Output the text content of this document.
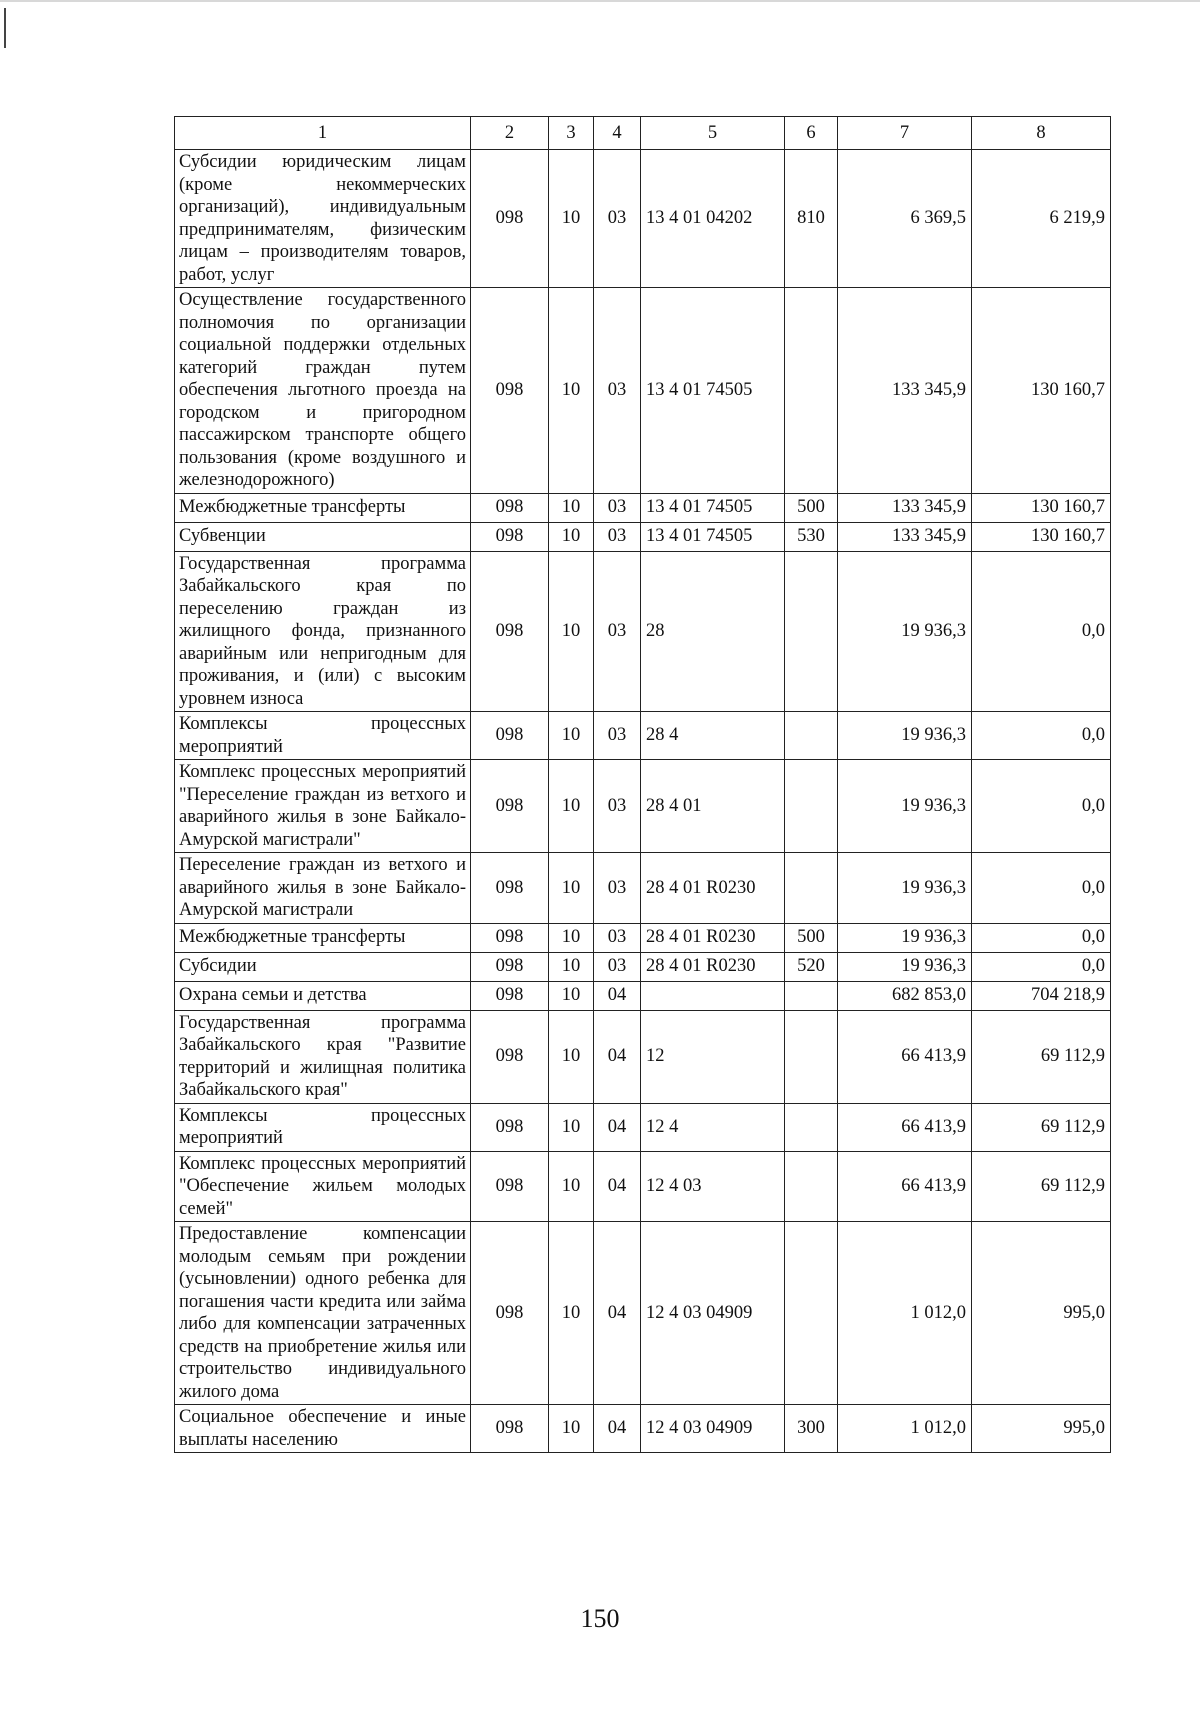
1	2	3	4	5	6	7	8
Субсидии юридическим лицам (кроме некоммерческих организаций), индивидуальным предпринимателям, физическим лицам – производителям товаров, работ, услуг	098	10	03	13 4 01 04202	810	6 369,5	6 219,9
Осуществление государственного полномочия по организации социальной поддержки отдельных категорий граждан путем обеспечения льготного проезда на городском и пригородном пассажирском транспорте общего пользования (кроме воздушного и железнодорожного)	098	10	03	13 4 01 74505		133 345,9	130 160,7
Межбюджетные трансферты	098	10	03	13 4 01 74505	500	133 345,9	130 160,7
Субвенции	098	10	03	13 4 01 74505	530	133 345,9	130 160,7
Государственная программа Забайкальского края по переселению граждан из жилищного фонда, признанного аварийным или непригодным для проживания, и (или) с высоким уровнем износа	098	10	03	28		19 936,3	0,0
Комплексы процессных мероприятий	098	10	03	28 4		19 936,3	0,0
Комплекс процессных мероприятий "Переселение граждан из ветхого и аварийного жилья в зоне Байкало-Амурской магистрали"	098	10	03	28 4 01		19 936,3	0,0
Переселение граждан из ветхого и аварийного жилья в зоне Байкало-Амурской магистрали	098	10	03	28 4 01 R0230		19 936,3	0,0
Межбюджетные трансферты	098	10	03	28 4 01 R0230	500	19 936,3	0,0
Субсидии	098	10	03	28 4 01 R0230	520	19 936,3	0,0
Охрана семьи и детства	098	10	04			682 853,0	704 218,9
Государственная программа Забайкальского края "Развитие территорий и жилищная политика Забайкальского края"	098	10	04	12		66 413,9	69 112,9
Комплексы процессных мероприятий	098	10	04	12 4		66 413,9	69 112,9
Комплекс процессных мероприятий "Обеспечение жильем молодых семей"	098	10	04	12 4 03		66 413,9	69 112,9
Предоставление компенсации молодым семьям при рождении (усыновлении) одного ребенка для погашения части кредита или займа либо для компенсации затраченных средств на приобретение жилья или строительство индивидуального жилого дома	098	10	04	12 4 03 04909		1 012,0	995,0
Социальное обеспечение и иные выплаты населению	098	10	04	12 4 03 04909	300	1 012,0	995,0
150
